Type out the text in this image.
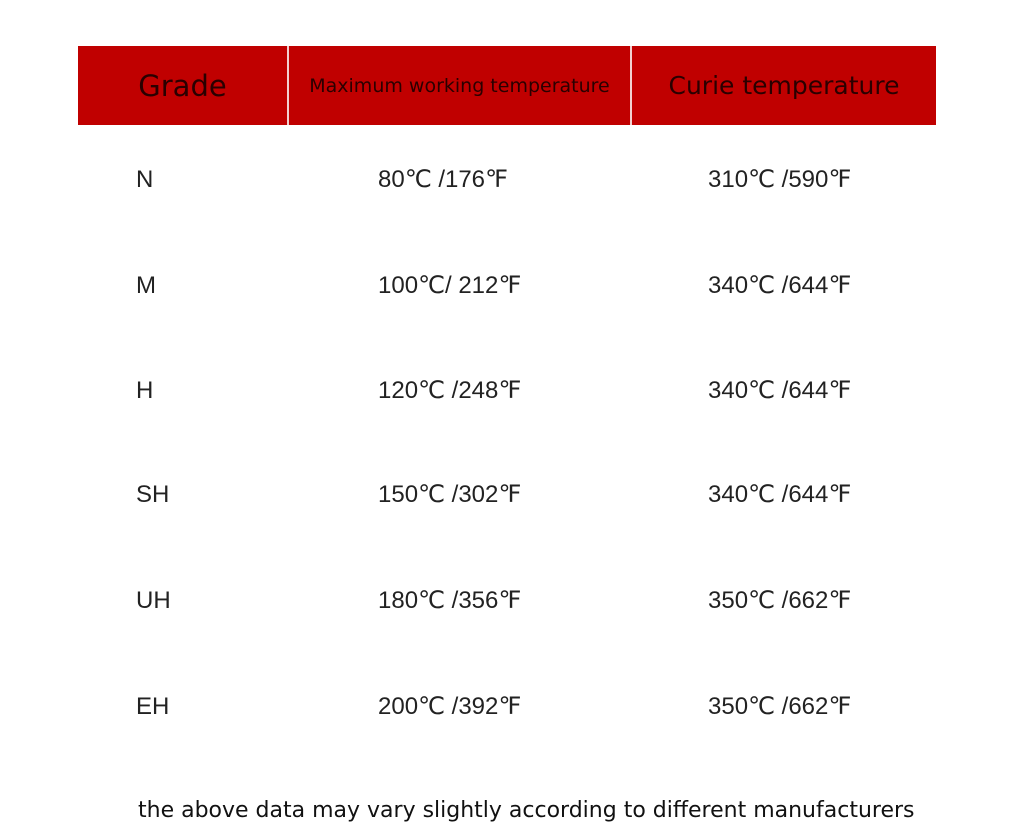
Grade	Maximum working temperature	Curie temperature
N	80℃ /176℉	310℃ /590℉
M	100℃/ 212℉	340℃ /644℉
H	120℃ /248℉	340℃ /644℉
SH	150℃ /302℉	340℃ /644℉
UH	180℃ /356℉	350℃ /662℉
EH	200℃ /392℉	350℃ /662℉
the above data may vary slightly according to different manufacturers
